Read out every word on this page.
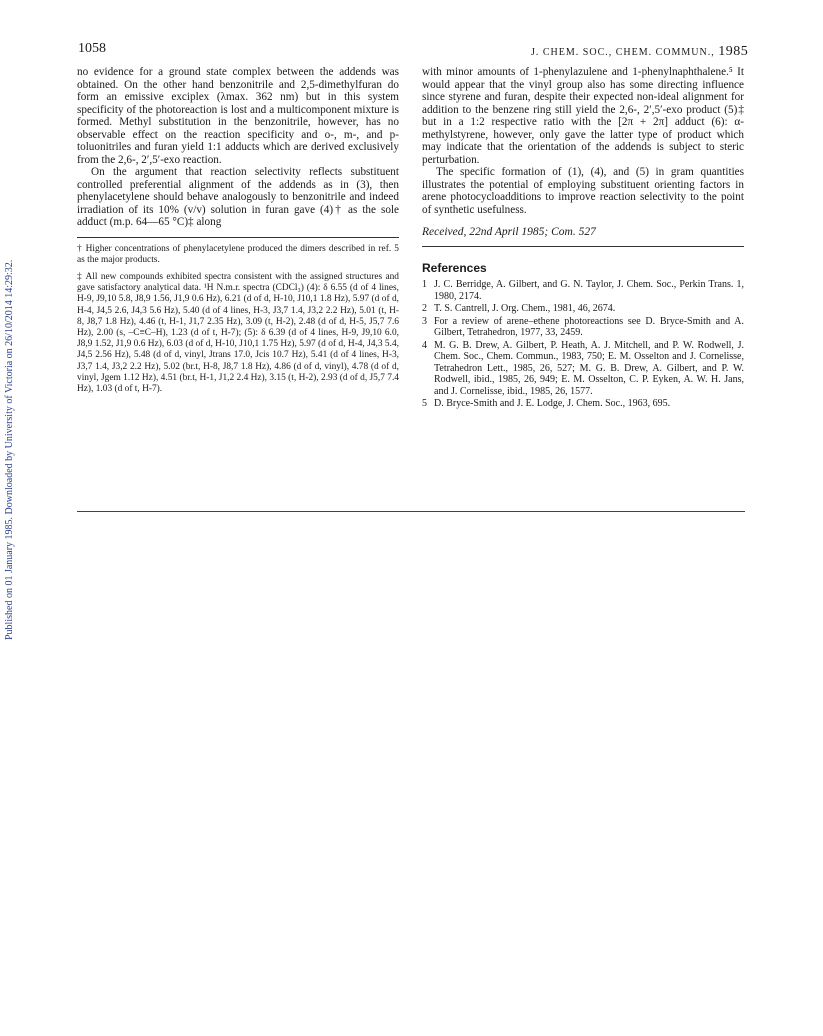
Published on 01 January 1985. Downloaded by University of Victoria on 26/10/2014 14:29:32.
1058	J. CHEM. SOC., CHEM. COMMUN., 1985

no evidence for a ground state complex between the addends was obtained. On the other hand benzonitrile and 2,5-dimethylfuran do form an emissive exciplex (λmax. 362 nm) but in this system specificity of the photoreaction is lost and a multicomponent mixture is formed. Methyl substitution in the benzonitrile, however, has no observable effect on the reaction specificity and o-, m-, and p-toluonitriles and furan yield 1:1 adducts which are derived exclusively from the 2,6-, 2′,5′-exo reaction.

On the argument that reaction selectivity reflects substituent controlled preferential alignment of the addends as in (3), then phenylacetylene should behave analogously to benzonitrile and indeed irradiation of its 10% (v/v) solution in furan gave (4)† as the sole adduct (m.p. 64—65 °C)‡ along

† Higher concentrations of phenylacetylene produced the dimers described in ref. 5 as the major products.

‡ All new compounds exhibited spectra consistent with the assigned structures and gave satisfactory analytical data. ¹H N.m.r. spectra (CDCl₃) (4): δ 6.55 (d of 4 lines, H-9, J9,10 5.8, J8,9 1.56, J1,9 0.6 Hz), 6.21 (d of d, H-10, J10,1 1.8 Hz), 5.97 (d of d, H-4, J4,5 2.6, J4,3 5.6 Hz), 5.40 (d of 4 lines, H-3, J3,7 1.4, J3,2 2.2 Hz), 5.01 (t, H-8, J8,7 1.8 Hz), 4.46 (t, H-1, J1,7 2.35 Hz), 3.09 (t, H-2), 2.48 (d of d, H-5, J5,7 7.6 Hz), 2.00 (s, –C≡C–H), 1.23 (d of t, H-7); (5): δ 6.39 (d of 4 lines, H-9, J9,10 6.0, J8,9 1.52, J1,9 0.6 Hz), 6.03 (d of d, H-10, J10,1 1.75 Hz), 5.97 (d of d, H-4, J4,3 5.4, J4,5 2.56 Hz), 5.48 (d of d, vinyl, Jtrans 17.0, Jcis 10.7 Hz), 5.41 (d of 4 lines, H-3, J3,7 1.4, J3,2 2.2 Hz), 5.02 (br.t, H-8, J8,7 1.8 Hz), 4.86 (d of d, vinyl), 4.78 (d of d, vinyl, Jgem 1.12 Hz), 4.51 (br.t, H-1, J1,2 2.4 Hz), 3.15 (t, H-2), 2.93 (d of d, J5,7 7.4 Hz), 1.03 (d of t, H-7).

with minor amounts of 1-phenylazulene and 1-phenylnaphthalene.⁵ It would appear that the vinyl group also has some directing influence since styrene and furan, despite their expected non-ideal alignment for addition to the benzene ring still yield the 2,6-, 2′,5′-exo product (5)‡ but in a 1:2 respective ratio with the [2π + 2π] adduct (6): α-methylstyrene, however, only gave the latter type of product which may indicate that the orientation of the addends is subject to steric perturbation.

The specific formation of (1), (4), and (5) in gram quantities illustrates the potential of employing substituent orienting factors in arene photocycloadditions to improve reaction selectivity to the point of synthetic usefulness.

Received, 22nd April 1985; Com. 527

References
1 J. C. Berridge, A. Gilbert, and G. N. Taylor, J. Chem. Soc., Perkin Trans. 1, 1980, 2174.
2 T. S. Cantrell, J. Org. Chem., 1981, 46, 2674.
3 For a review of arene–ethene photoreactions see D. Bryce-Smith and A. Gilbert, Tetrahedron, 1977, 33, 2459.
4 M. G. B. Drew, A. Gilbert, P. Heath, A. J. Mitchell, and P. W. Rodwell, J. Chem. Soc., Chem. Commun., 1983, 750; E. M. Osselton and J. Cornelisse, Tetrahedron Lett., 1985, 26, 527; M. G. B. Drew, A. Gilbert, and P. W. Rodwell, ibid., 1985, 26, 949; E. M. Osselton, C. P. Eyken, A. W. H. Jans, and J. Cornelisse, ibid., 1985, 26, 1577.
5 D. Bryce-Smith and J. E. Lodge, J. Chem. Soc., 1963, 695.
